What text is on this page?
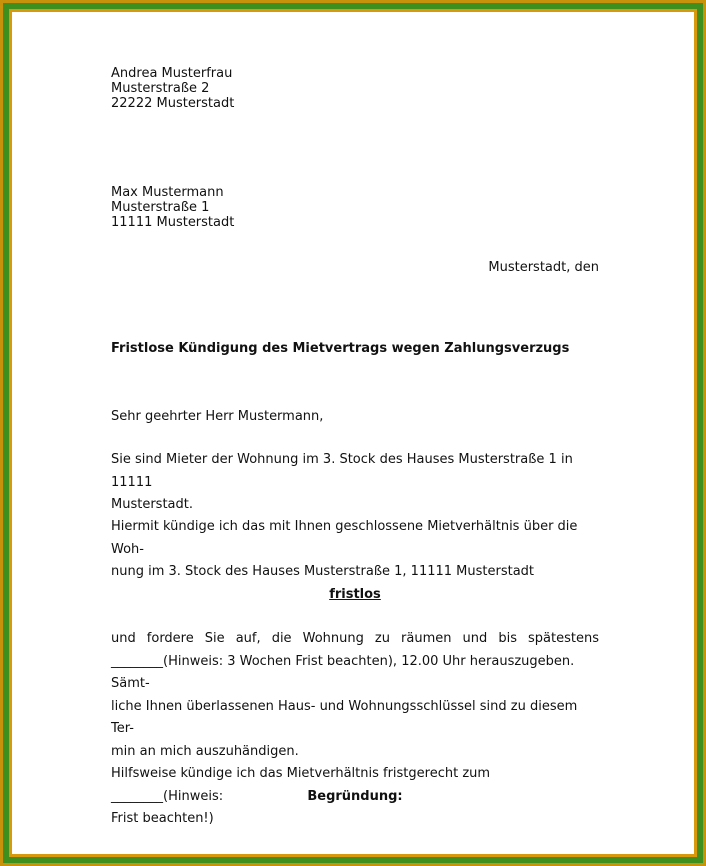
Andrea Musterfrau

Musterstraße 2

22222 Musterstadt

Max Mustermann

Musterstraße 1

11111 Musterstadt

Musterstadt, den

Fristlose Kündigung des Mietvertrags wegen Zahlungsverzugs

Sehr geehrter Herr Mustermann,

Sie sind Mieter der Wohnung im 3. Stock des Hauses Musterstraße 1 in 11111
Musterstadt.
Hiermit kündige ich das mit Ihnen geschlossene Mietverhältnis über die Woh-
nung im 3. Stock des Hauses Musterstraße 1, 11111 Musterstadt

fristlos

und fordere Sie auf, die Wohnung zu räumen und bis spätestens
________(Hinweis: 3 Wochen Frist beachten), 12.00 Uhr herauszugeben. Sämt-
liche Ihnen überlassenen Haus- und Wohnungsschlüssel sind zu diesem Ter-
min an mich auszuhändigen.
Hilfsweise kündige ich das Mietverhältnis fristgerecht zum ________(Hinweis:
Frist beachten!)

Begründung:
